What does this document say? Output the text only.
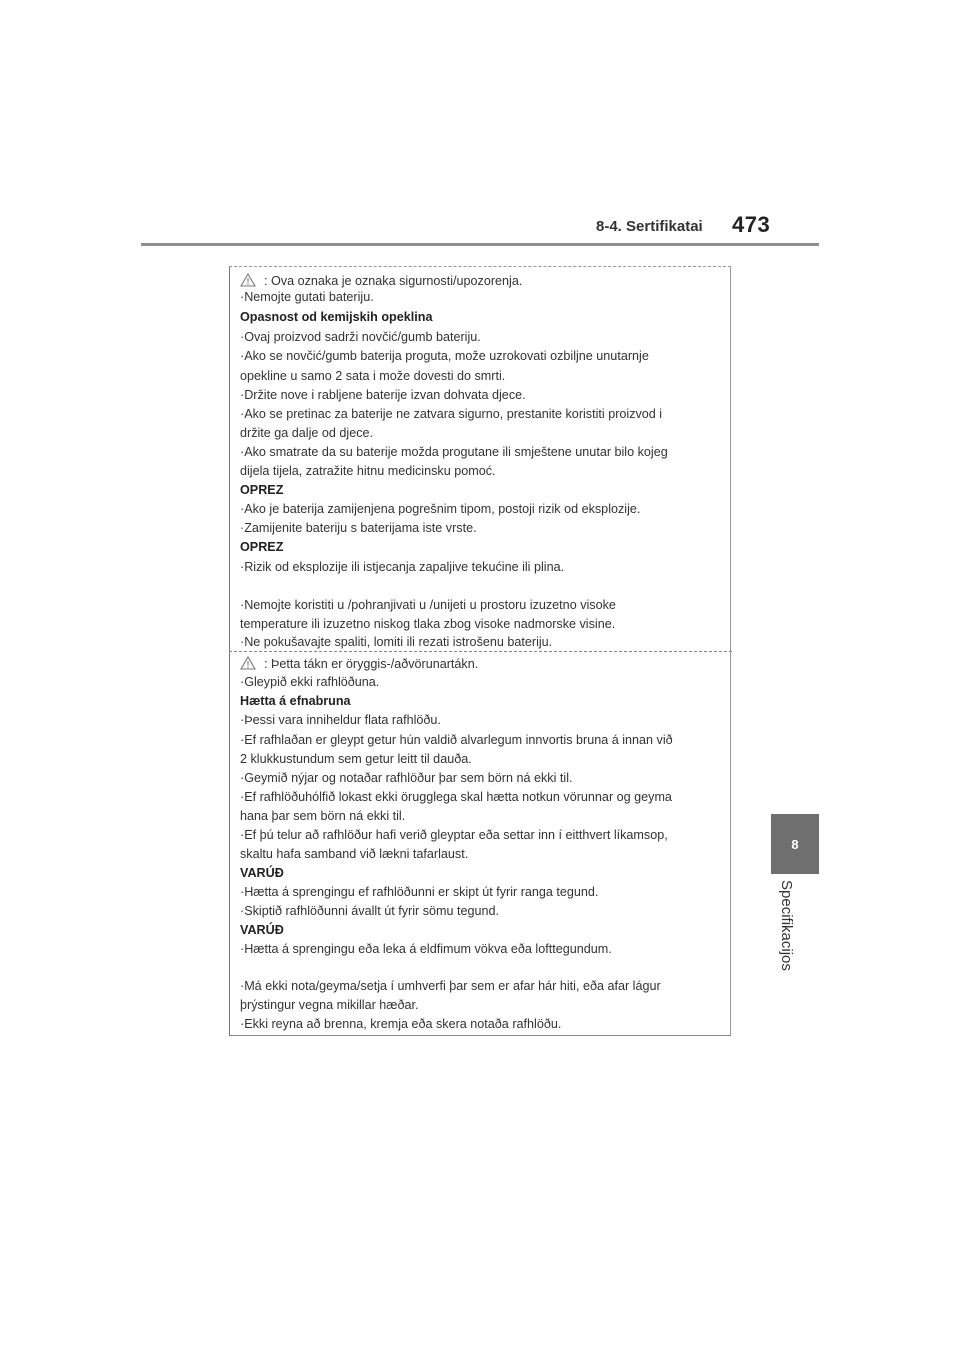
8-4. Sertifikatai 473
8
Specifikacijos
: Ova oznaka je oznaka sigurnosti/upozorenja.
·Nemojte gutati bateriju.
Opasnost od kemijskih opeklina
·Ovaj proizvod sadrži novčić/gumb bateriju.
·Ako se novčić/gumb baterija proguta, može uzrokovati ozbiljne unutarnje
opekline u samo 2 sata i može dovesti do smrti.
·Držite nove i rabljene baterije izvan dohvata djece.
·Ako se pretinac za baterije ne zatvara sigurno, prestanite koristiti proizvod i
držite ga dalje od djece.
·Ako smatrate da su baterije možda progutane ili smještene unutar bilo kojeg
dijela tijela, zatražite hitnu medicinsku pomoć.
OPREZ
·Ako je baterija zamijenjena pogrešnim tipom, postoji rizik od eksplozije.
·Zamijenite bateriju s baterijama iste vrste.
OPREZ
·Rizik od eksplozije ili istjecanja zapaljive tekućine ili plina.
·Nemojte koristiti u /pohranjivati u /unijeti u prostoru izuzetno visoke
temperature ili izuzetno niskog tlaka zbog visoke nadmorske visine.
·Ne pokušavajte spaliti, lomiti ili rezati istrošenu bateriju.
: Þetta tákn er öryggis-/aðvörunartákn.
·Gleypið ekki rafhlöðuna.
Hætta á efnabruna
·Þessi vara inniheldur flata rafhlöðu.
·Ef rafhlaðan er gleypt getur hún valdið alvarlegum innvortis bruna á innan við
2 klukkustundum sem getur leitt til dauða.
·Geymið nýjar og notaðar rafhlöður þar sem börn ná ekki til.
·Ef rafhlöðuhólfið lokast ekki örugglega skal hætta notkun vörunnar og geyma
hana þar sem börn ná ekki til.
·Ef þú telur að rafhlöður hafi verið gleyptar eða settar inn í eitthvert líkamsop,
skaltu hafa samband við lækni tafarlaust.
VARÚÐ
·Hætta á sprengingu ef rafhlöðunni er skipt út fyrir ranga tegund.
·Skiptið rafhlöðunni ávallt út fyrir sömu tegund.
VARÚÐ
·Hætta á sprengingu eða leka á eldfimum vökva eða lofttegundum.
·Má ekki nota/geyma/setja í umhverfi þar sem er afar hár hiti, eða afar lágur
þrýstingur vegna mikillar hæðar.
·Ekki reyna að brenna, kremja eða skera notaða rafhlöðu.
